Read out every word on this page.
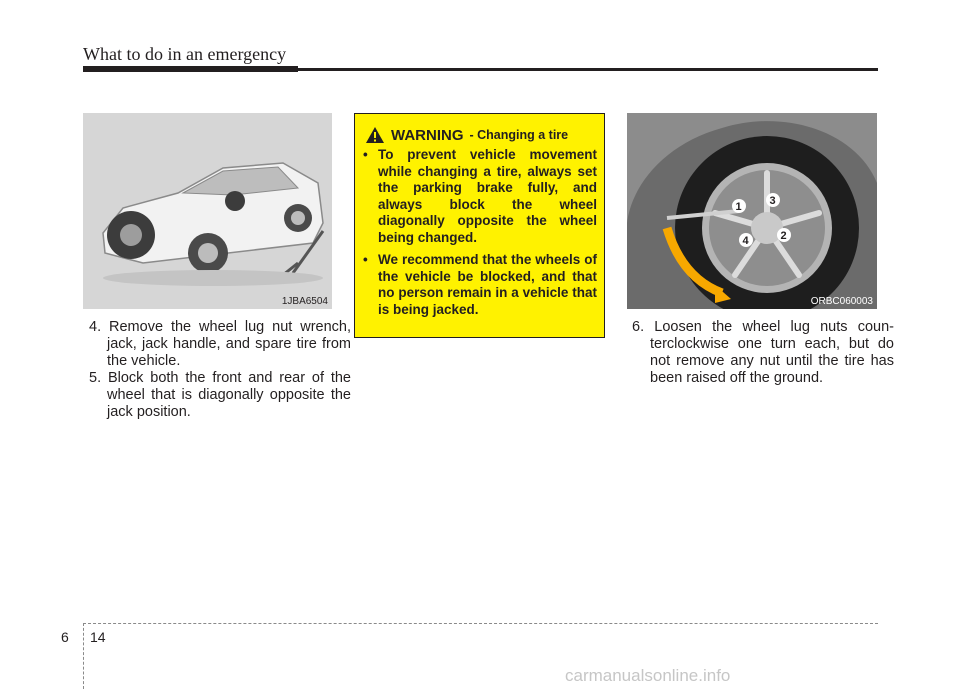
What to do in an emergency
1JBA6504
1
2
3
4
ORBC060003
4. Remove the wheel lug nut wrench, jack, jack handle, and spare tire from the vehicle.
5. Block both the front and rear of the wheel that is diagonally opposite the jack position.
6. Loosen the wheel lug nuts coun-terclockwise one turn each, but do not remove any nut until the tire has been raised off the ground.
WARNING - Changing a tire
• To prevent vehicle movement while changing a tire, always set the parking brake fully, and always block the wheel diagonally opposite the wheel being changed.
• We recommend that the wheels of the vehicle be blocked, and that no person remain in a vehicle that is being jacked.
6 14
carmanualsonline.info
